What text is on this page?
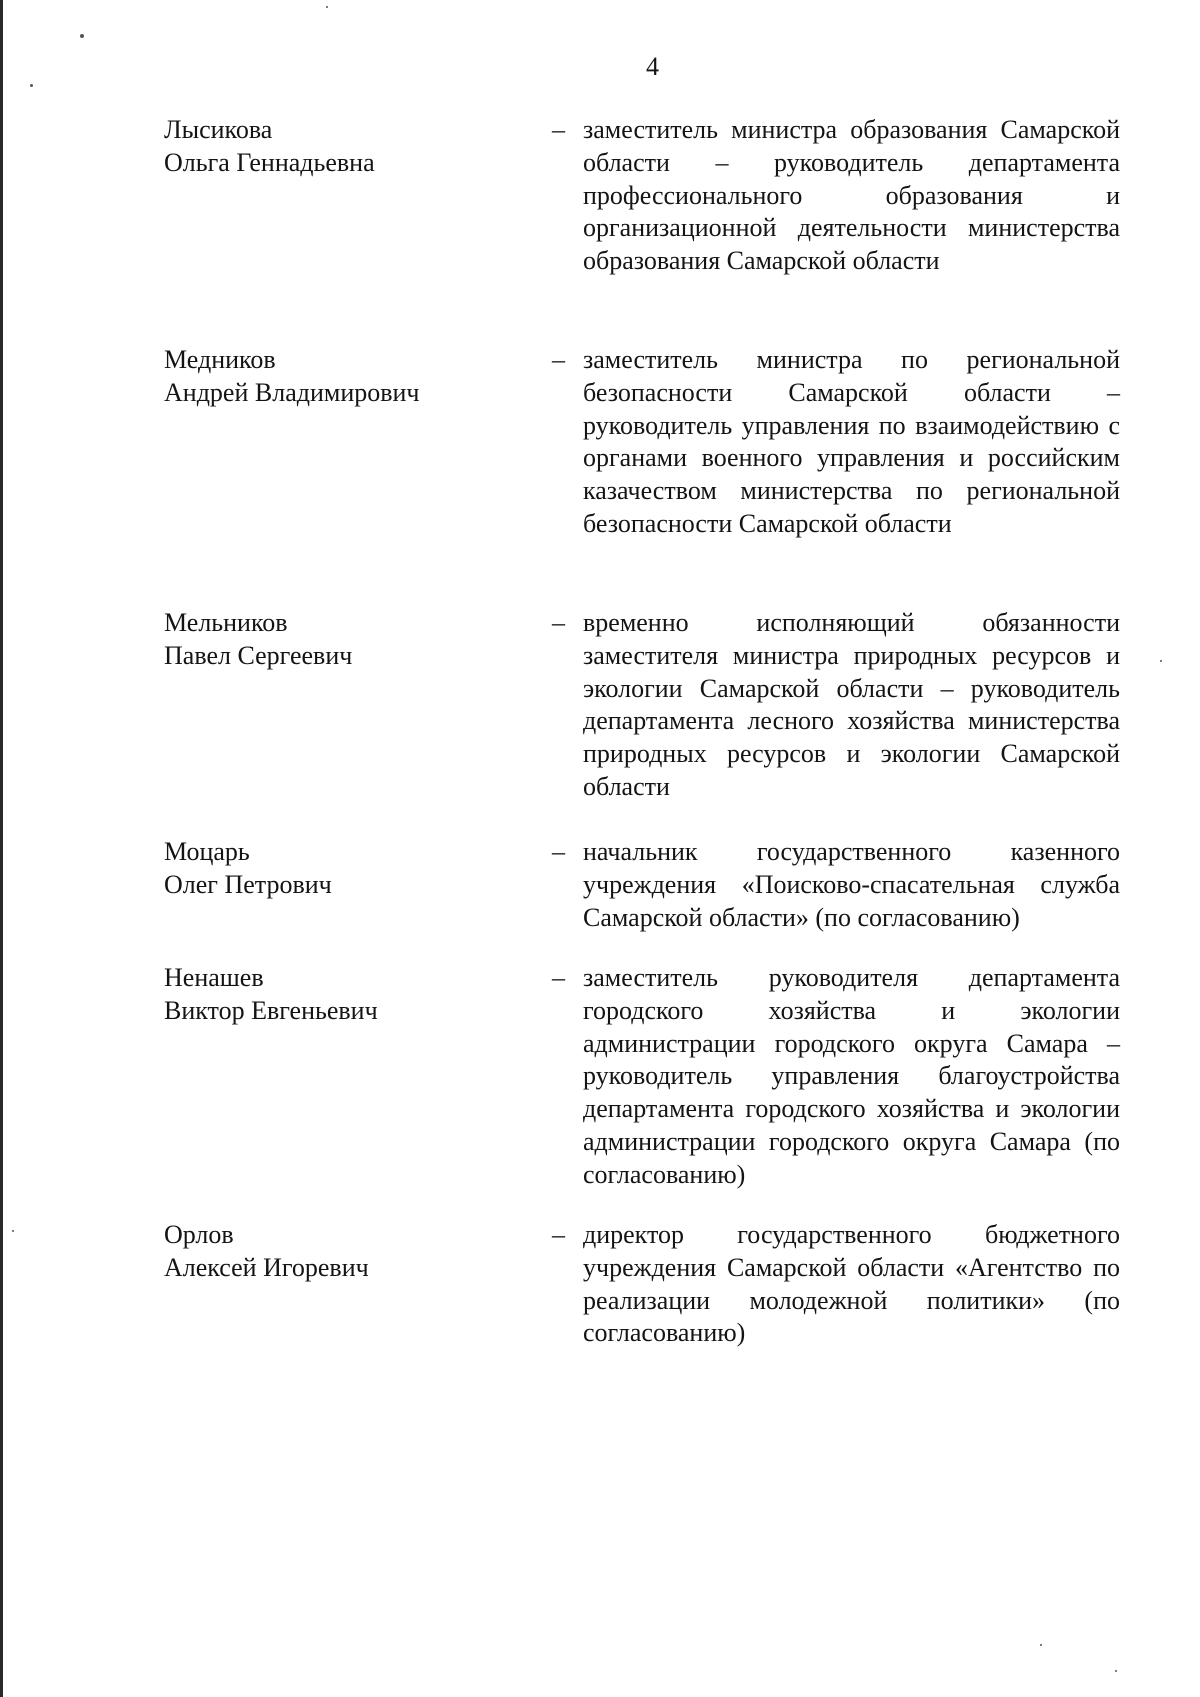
4
Лысикова
Ольга Геннадьевна
– заместитель министра образования Самарской области – руководитель департамента профессионального образования и организационной деятельности министерства образования Самарской области
Медников
Андрей Владимирович
– заместитель министра по региональной безопасности Самарской области – руководитель управления по взаимодействию с органами военного управления и российским казачеством министерства по региональной безопасности Самарской области
Мельников
Павел Сергеевич
– временно исполняющий обязанности заместителя министра природных ресурсов и экологии Самарской области – руководитель департамента лесного хозяйства министерства природных ресурсов и экологии Самарской области
Моцарь
Олег Петрович
– начальник государственного казенного учреждения «Поисково-спасательная служба Самарской области» (по согласованию)
Ненашев
Виктор Евгеньевич
– заместитель руководителя департамента городского хозяйства и экологии администрации городского округа Самара – руководитель управления благоустройства департамента городского хозяйства и экологии администрации городского округа Самара (по согласованию)
Орлов
Алексей Игоревич
– директор государственного бюджетного учреждения Самарской области «Агентство по реализации молодежной политики» (по согласованию)
